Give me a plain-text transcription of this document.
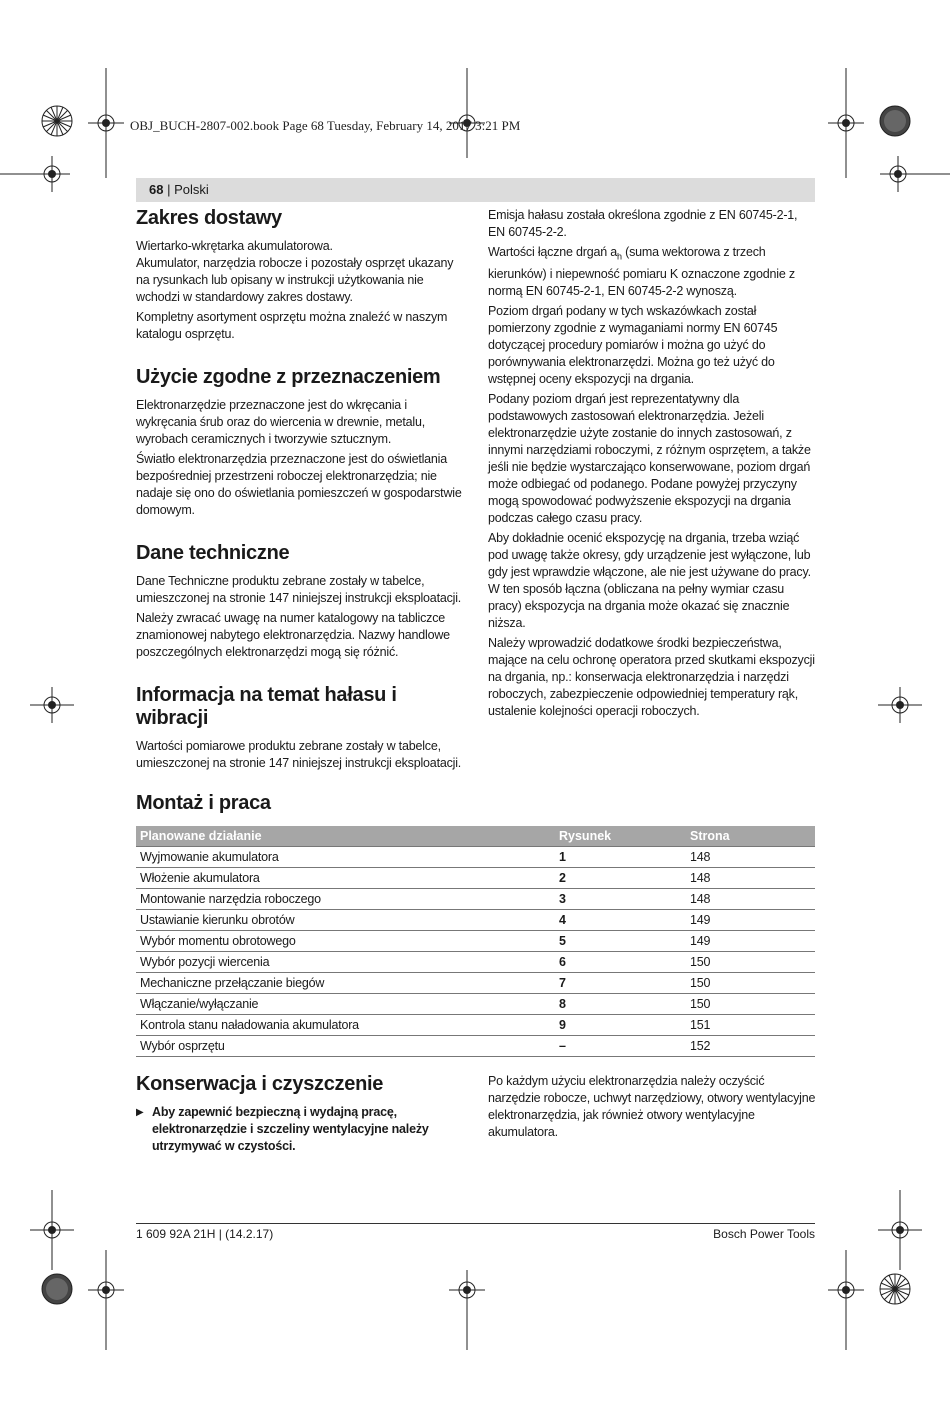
OBJ_BUCH-2807-002.book Page 68 Tuesday, February 14, 2017 3:21 PM
68 | Polski
Zakres dostawy

Wiertarko-wkrętarka akumulatorowa.

Akumulator, narzędzia robocze i pozostały osprzęt ukazany na rysunkach lub opisany w instrukcji użytkowania nie wchodzi w standardowy zakres dostawy.

Kompletny asortyment osprzętu można znaleźć w naszym katalogu osprzętu.

Użycie zgodne z przeznaczeniem

Elektronarzędzie przeznaczone jest do wkręcania i wykręcania śrub oraz do wiercenia w drewnie, metalu, wyrobach ceramicznych i tworzywie sztucznym.

Światło elektronarzędzia przeznaczone jest do oświetlania bezpośredniej przestrzeni roboczej elektronarzędzia; nie nadaje się ono do oświetlania pomieszczeń w gospodarstwie domowym.

Dane techniczne

Dane Techniczne produktu zebrane zostały w tabelce, umieszczonej na stronie 147 niniejszej instrukcji eksploatacji.

Należy zwracać uwagę na numer katalogowy na tabliczce znamionowej nabytego elektronarzędzia. Nazwy handlowe poszczególnych elektronarzędzi mogą się różnić.

Informacja na temat hałasu i wibracji

Wartości pomiarowe produktu zebrane zostały w tabelce, umieszczonej na stronie 147 niniejszej instrukcji eksploatacji.

Emisja hałasu została określona zgodnie z EN 60745-2-1, EN 60745-2-2.

Wartości łączne drgań $a_h$ (suma wektorowa z trzech kierunków) i niepewność pomiaru K oznaczone zgodnie z normą EN 60745-2-1, EN 60745-2-2 wynoszą.

Poziom drgań podany w tych wskazówkach został pomierzony zgodnie z wymaganiami normy EN 60745 dotyczącej procedury pomiarów i można go użyć do porównywania elektronarzędzi. Można go też użyć do wstępnej oceny ekspozycji na drgania.

Podany poziom drgań jest reprezentatywny dla podstawowych zastosowań elektronarzędzia. Jeżeli elektronarzędzie użyte zostanie do innych zastosowań, z innymi narzędziami roboczymi, z różnym osprzętem, a także jeśli nie będzie wystarczająco konserwowane, poziom drgań może odbiegać od podanego. Podane powyżej przyczyny mogą spowodować podwyższenie ekspozycji na drgania podczas całego czasu pracy.

Aby dokładnie ocenić ekspozycję na drgania, trzeba wziąć pod uwagę także okresy, gdy urządzenie jest wyłączone, lub gdy jest wprawdzie włączone, ale nie jest używane do pracy. W ten sposób łączna (obliczana na pełny wymiar czasu pracy) ekspozycja na drgania może okazać się znacznie niższa.

Należy wprowadzić dodatkowe środki bezpieczeństwa, mające na celu ochronę operatora przed skutkami ekspozycji na drgania, np.: konserwacja elektronarzędzia i narzędzi roboczych, zabezpieczenie odpowiedniej temperatury rąk, ustalenie kolejności operacji roboczych.

Montaż i praca
Planowane działanie	Rysunek	Strona
Wyjmowanie akumulatora	1	148
Włożenie akumulatora	2	148
Montowanie narzędzia roboczego	3	148
Ustawianie kierunku obrotów	4	149
Wybór momentu obrotowego	5	149
Wybór pozycji wiercenia	6	150
Mechaniczne przełączanie biegów	7	150
Włączanie/wyłączanie	8	150
Kontrola stanu naładowania akumulatora	9	151
Wybór osprzętu	–	152
Konserwacja i czyszczenie
▶ Aby zapewnić bezpieczną i wydajną pracę, elektronarzędzie i szczeliny wentylacyjne należy utrzymywać w czystości.

Po każdym użyciu elektronarzędzia należy oczyścić narzędzie robocze, uchwyt narzędziowy, otwory wentylacyjne elektronarzędzia, jak również otwory wentylacyjne akumulatora.

1 609 92A 21H | (14.2.17)	Bosch Power Tools
